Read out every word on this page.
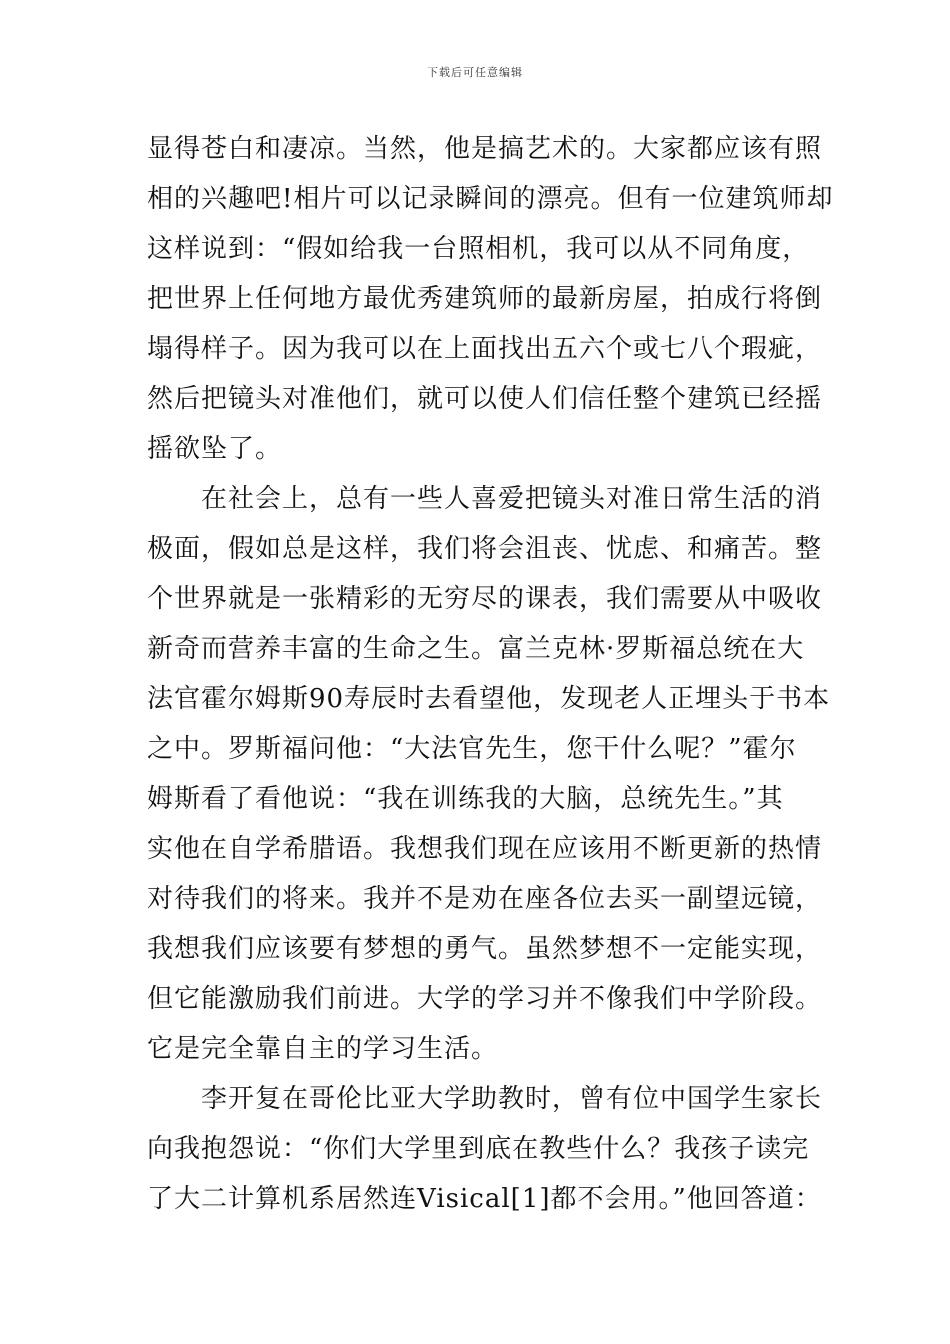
下载后可任意编辑
显得苍白和凄凉。当然，他是搞艺术的。大家都应该有照
相的兴趣吧!相片可以记录瞬间的漂亮。但有一位建筑师却
这样说到：“假如给我一台照相机，我可以从不同角度，
把世界上任何地方最优秀建筑师的最新房屋，拍成行将倒
塌得样子。因为我可以在上面找出五六个或七八个瑕疵，
然后把镜头对准他们，就可以使人们信任整个建筑已经摇
摇欲坠了。
在社会上，总有一些人喜爱把镜头对准日常生活的消
极面，假如总是这样，我们将会沮丧、忧虑、和痛苦。整
个世界就是一张精彩的无穷尽的课表，我们需要从中吸收
新奇而营养丰富的生命之生。富兰克林·罗斯福总统在大
法官霍尔姆斯90寿辰时去看望他，发现老人正埋头于书本
之中。罗斯福问他：“大法官先生，您干什么呢？”霍尔
姆斯看了看他说：“我在训练我的大脑，总统先生。”其
实他在自学希腊语。我想我们现在应该用不断更新的热情
对待我们的将来。我并不是劝在座各位去买一副望远镜，
我想我们应该要有梦想的勇气。虽然梦想不一定能实现，
但它能激励我们前进。大学的学习并不像我们中学阶段。
它是完全靠自主的学习生活。
李开复在哥伦比亚大学助教时，曾有位中国学生家长
向我抱怨说：“你们大学里到底在教些什么？我孩子读完
了大二计算机系居然连Visical[1]都不会用。”他回答道：
